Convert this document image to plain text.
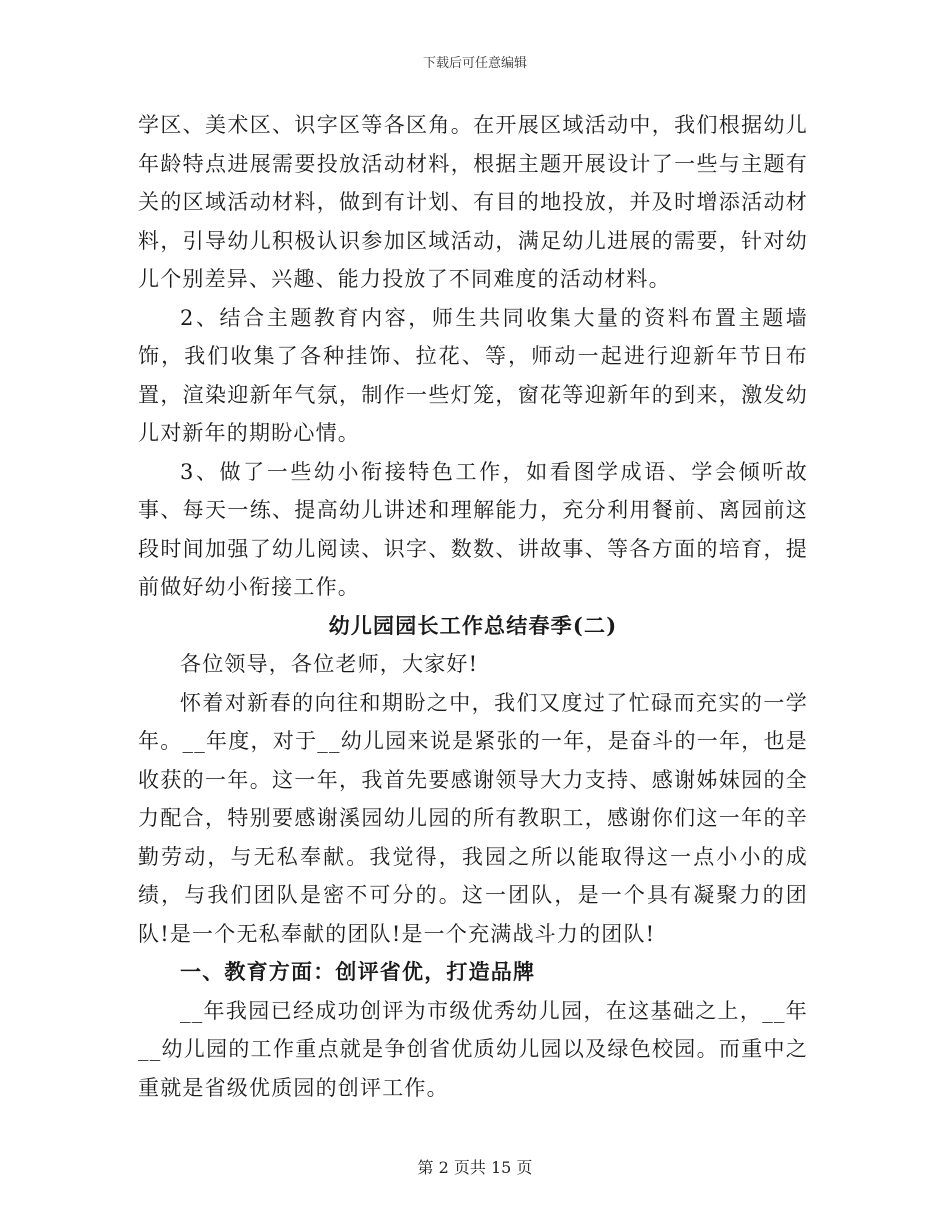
下载后可任意编辑

学区、美术区、识字区等各区角。在开展区域活动中，我们根据幼儿年龄特点进展需要投放活动材料，根据主题开展设计了一些与主题有关的区域活动材料，做到有计划、有目的地投放，并及时增添活动材料，引导幼儿积极认识参加区域活动，满足幼儿进展的需要，针对幼儿个别差异、兴趣、能力投放了不同难度的活动材料。

2、结合主题教育内容，师生共同收集大量的资料布置主题墙饰，我们收集了各种挂饰、拉花、等，师动一起进行迎新年节日布置，渲染迎新年气氛，制作一些灯笼，窗花等迎新年的到来，激发幼儿对新年的期盼心情。

3、做了一些幼小衔接特色工作，如看图学成语、学会倾听故事、每天一练、提高幼儿讲述和理解能力，充分利用餐前、离园前这段时间加强了幼儿阅读、识字、数数、讲故事、等各方面的培育，提前做好幼小衔接工作。

幼儿园园长工作总结春季(二)

各位领导，各位老师，大家好!

怀着对新春的向往和期盼之中，我们又度过了忙碌而充实的一学年。__年度，对于__幼儿园来说是紧张的一年，是奋斗的一年，也是收获的一年。这一年，我首先要感谢领导大力支持、感谢姊妹园的全力配合，特别要感谢溪园幼儿园的所有教职工，感谢你们这一年的辛勤劳动，与无私奉献。我觉得，我园之所以能取得这一点小小的成绩，与我们团队是密不可分的。这一团队，是一个具有凝聚力的团队!是一个无私奉献的团队!是一个充满战斗力的团队!

一、教育方面：创评省优，打造品牌

__年我园已经成功创评为市级优秀幼儿园，在这基础之上，__年__幼儿园的工作重点就是争创省优质幼儿园以及绿色校园。而重中之重就是省级优质园的创评工作。

第 2 页共 15 页
